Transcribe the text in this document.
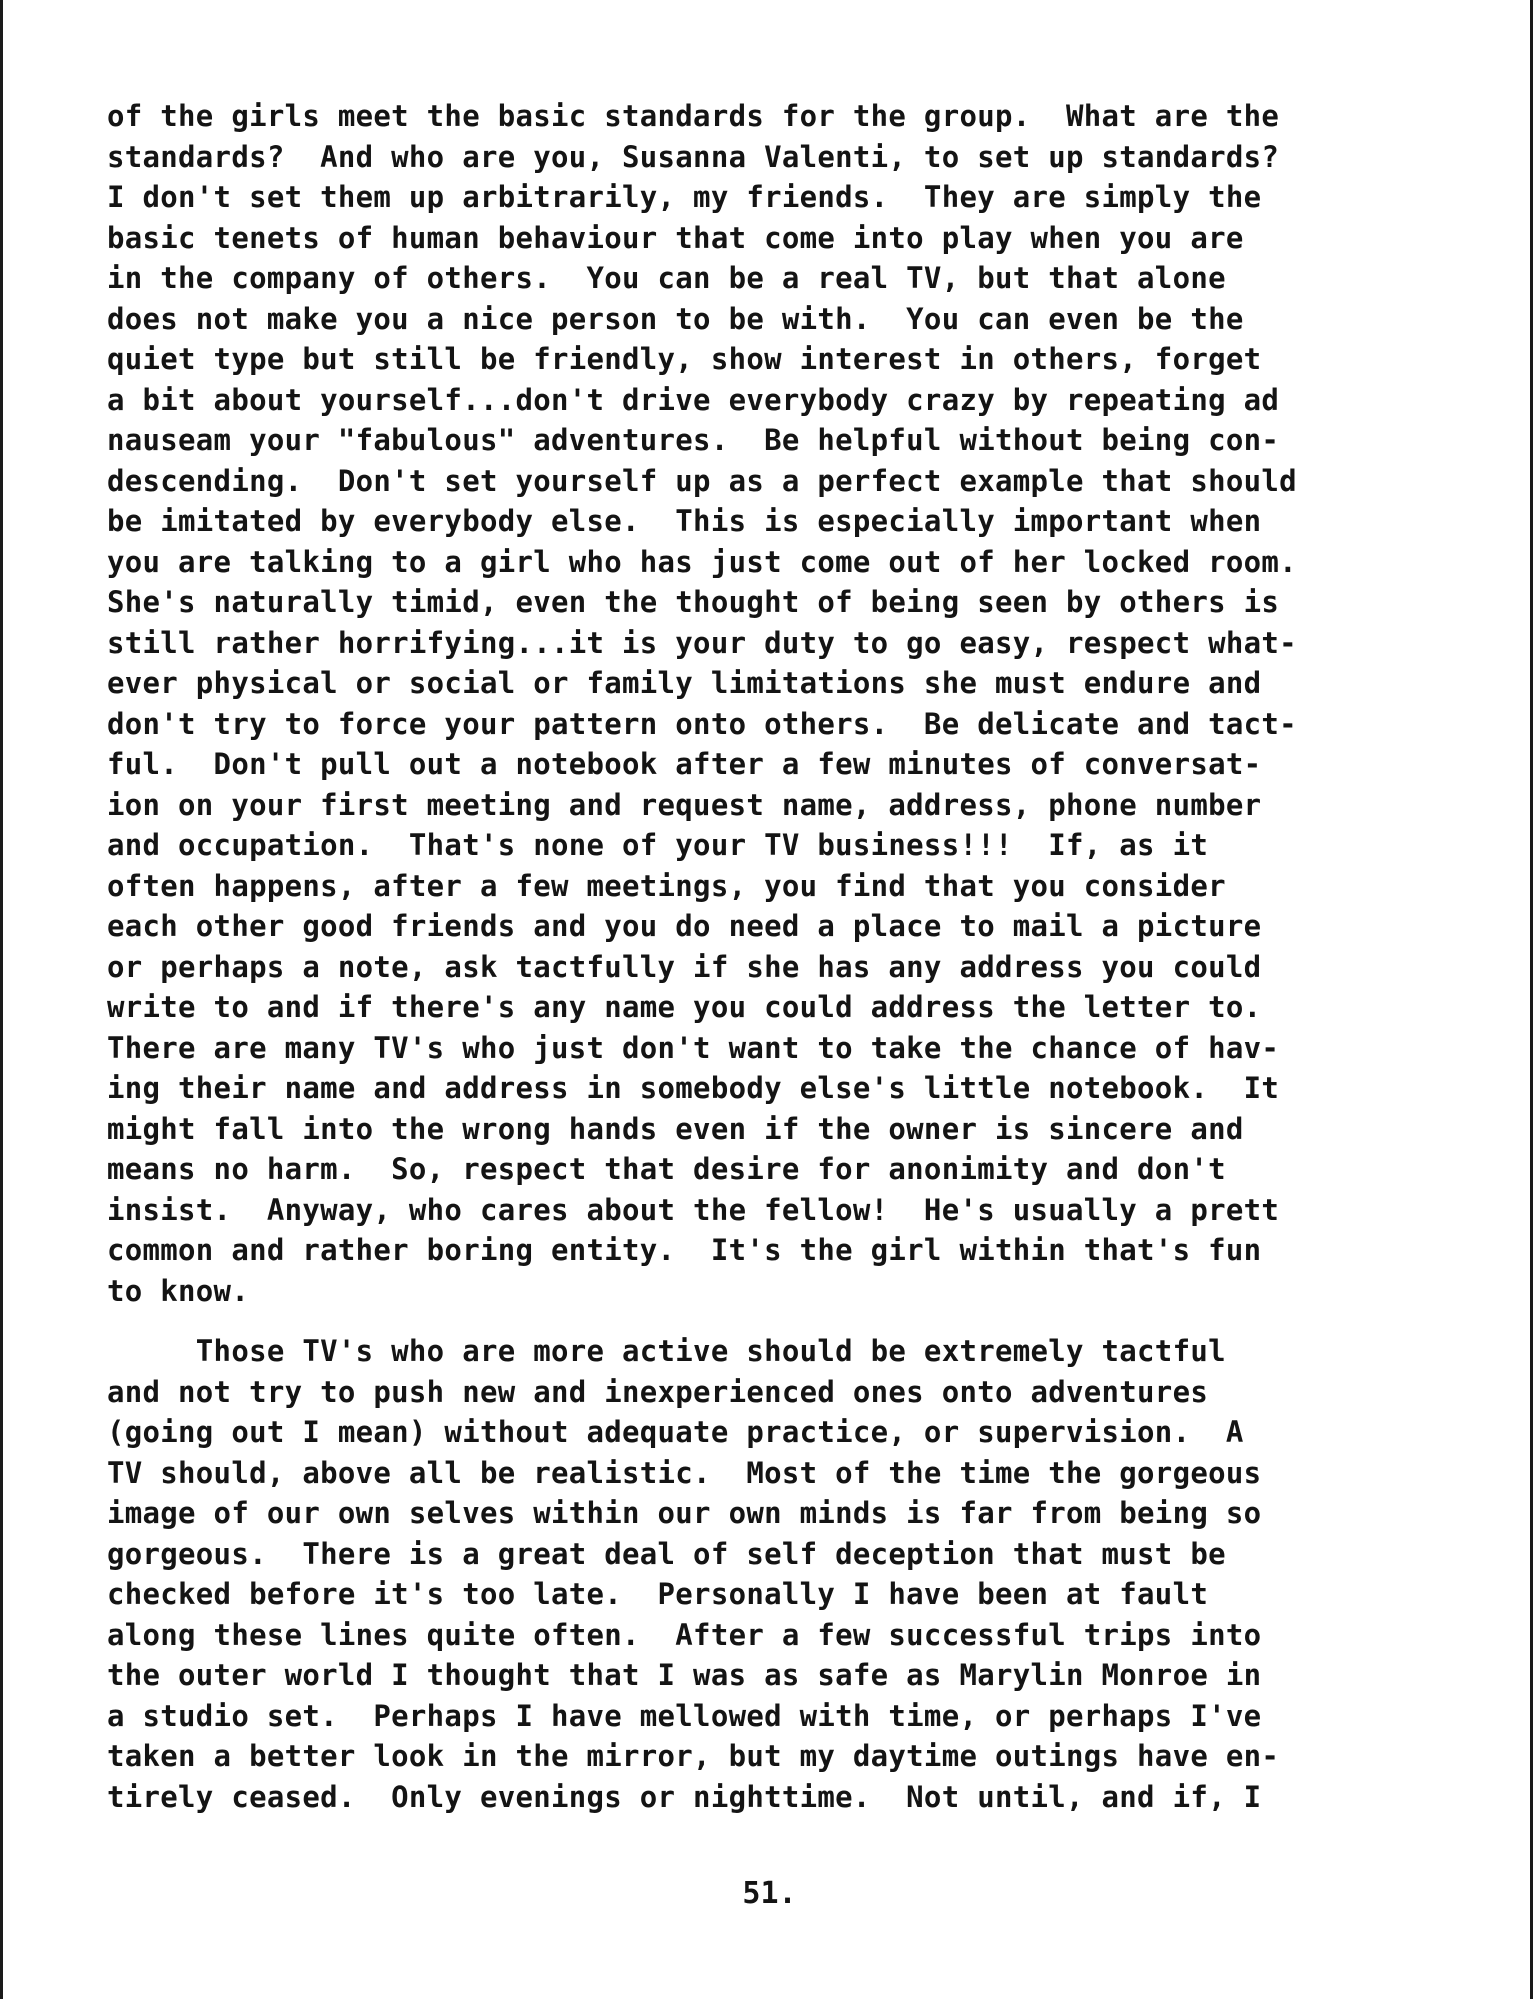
of the girls meet the basic standards for the group.  What are the
standards?  And who are you, Susanna Valenti, to set up standards?
I don't set them up arbitrarily, my friends.  They are simply the
basic tenets of human behaviour that come into play when you are
in the company of others.  You can be a real TV, but that alone
does not make you a nice person to be with.  You can even be the
quiet type but still be friendly, show interest in others, forget
a bit about yourself...don't drive everybody crazy by repeating ad
nauseam your "fabulous" adventures.  Be helpful without being con-
descending.  Don't set yourself up as a perfect example that should
be imitated by everybody else.  This is especially important when
you are talking to a girl who has just come out of her locked room.
She's naturally timid, even the thought of being seen by others is
still rather horrifying...it is your duty to go easy, respect what-
ever physical or social or family limitations she must endure and
don't try to force your pattern onto others.  Be delicate and tact-
ful.  Don't pull out a notebook after a few minutes of conversat-
ion on your first meeting and request name, address, phone number
and occupation.  That's none of your TV business!!!  If, as it
often happens, after a few meetings, you find that you consider
each other good friends and you do need a place to mail a picture
or perhaps a note, ask tactfully if she has any address you could
write to and if there's any name you could address the letter to.
There are many TV's who just don't want to take the chance of hav-
ing their name and address in somebody else's little notebook.  It
might fall into the wrong hands even if the owner is sincere and
means no harm.  So, respect that desire for anonimity and don't
insist.  Anyway, who cares about the fellow!  He's usually a prett
common and rather boring entity.  It's the girl within that's fun
to know.

Those TV's who are more active should be extremely tactful
and not try to push new and inexperienced ones onto adventures
(going out I mean) without adequate practice, or supervision.  A
TV should, above all be realistic.  Most of the time the gorgeous
image of our own selves within our own minds is far from being so
gorgeous.  There is a great deal of self deception that must be
checked before it's too late.  Personally I have been at fault
along these lines quite often.  After a few successful trips into
the outer world I thought that I was as safe as Marylin Monroe in
a studio set.  Perhaps I have mellowed with time, or perhaps I've
taken a better look in the mirror, but my daytime outings have en-
tirely ceased.  Only evenings or nighttime.  Not until, and if, I

51.
